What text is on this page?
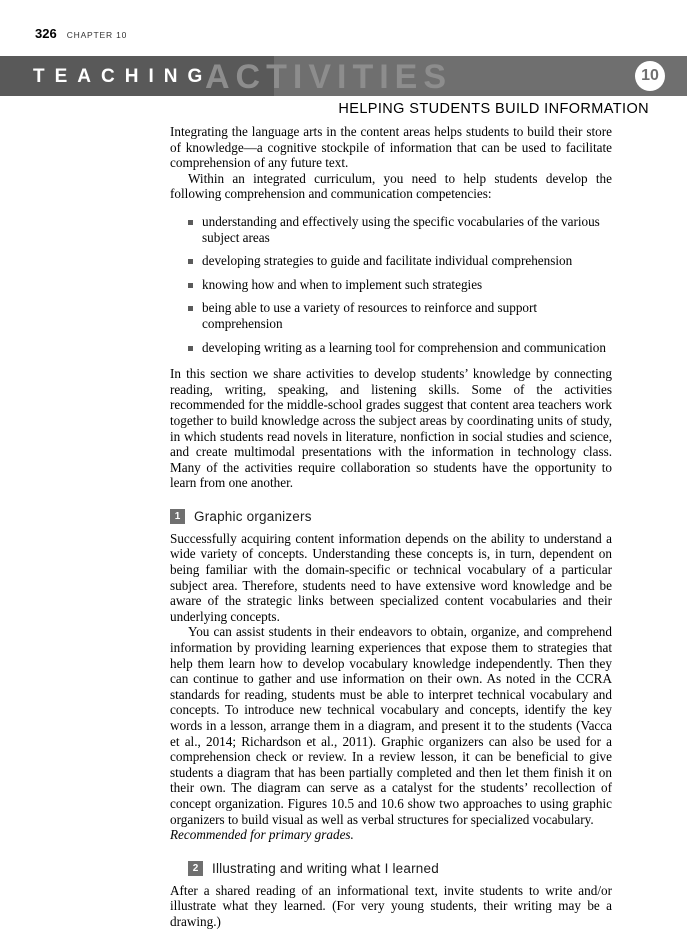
326 CHAPTER 10
ACTIVITIES
TEACHING	10
HELPING STUDENTS BUILD INFORMATION

Integrating the language arts in the content areas helps students to build their store of knowledge—a cognitive stockpile of information that can be used to facilitate comprehension of any future text.

Within an integrated curriculum, you need to help students develop the following comprehension and communication competencies:

understanding and effectively using the specific vocabularies of the various subject areas
developing strategies to guide and facilitate individual comprehension
knowing how and when to implement such strategies
being able to use a variety of resources to reinforce and support comprehension
developing writing as a learning tool for comprehension and communication

In this section we share activities to develop students’ knowledge by connecting reading, writing, speaking, and listening skills. Some of the activities recommended for the middle-school grades suggest that content area teachers work together to build knowledge across the subject areas by coordinating units of study, in which students read novels in literature, nonfiction in social studies and science, and create multimodal presentations with the information in technology class. Many of the activities require collaboration so students have the opportunity to learn from one another.

1	Graphic organizers

Successfully acquiring content information depends on the ability to understand a wide variety of concepts. Understanding these concepts is, in turn, dependent on being familiar with the domain-specific or technical vocabulary of a particular subject area. Therefore, students need to have extensive word knowledge and be aware of the strategic links between specialized content vocabularies and their underlying concepts.

You can assist students in their endeavors to obtain, organize, and comprehend information by providing learning experiences that expose them to strategies that help them learn how to develop vocabulary knowledge independently. Then they can continue to gather and use information on their own. As noted in the CCRA standards for reading, students must be able to interpret technical vocabulary and concepts. To introduce new technical vocabulary and concepts, identify the key words in a lesson, arrange them in a diagram, and present it to the students (Vacca et al., 2014; Richardson et al., 2011). Graphic organizers can also be used for a comprehension check or review. In a review lesson, it can be beneficial to give students a diagram that has been partially completed and then let them finish it on their own. The diagram can serve as a catalyst for the students’ recollection of concept organization. Figures 10.5 and 10.6 show two approaches to using graphic organizers to build visual as well as verbal structures for specialized vocabulary.

Recommended for primary grades.

2	Illustrating and writing what I learned

After a shared reading of an informational text, invite students to write and/or illustrate what they learned. (For very young students, their writing may be a drawing.)
